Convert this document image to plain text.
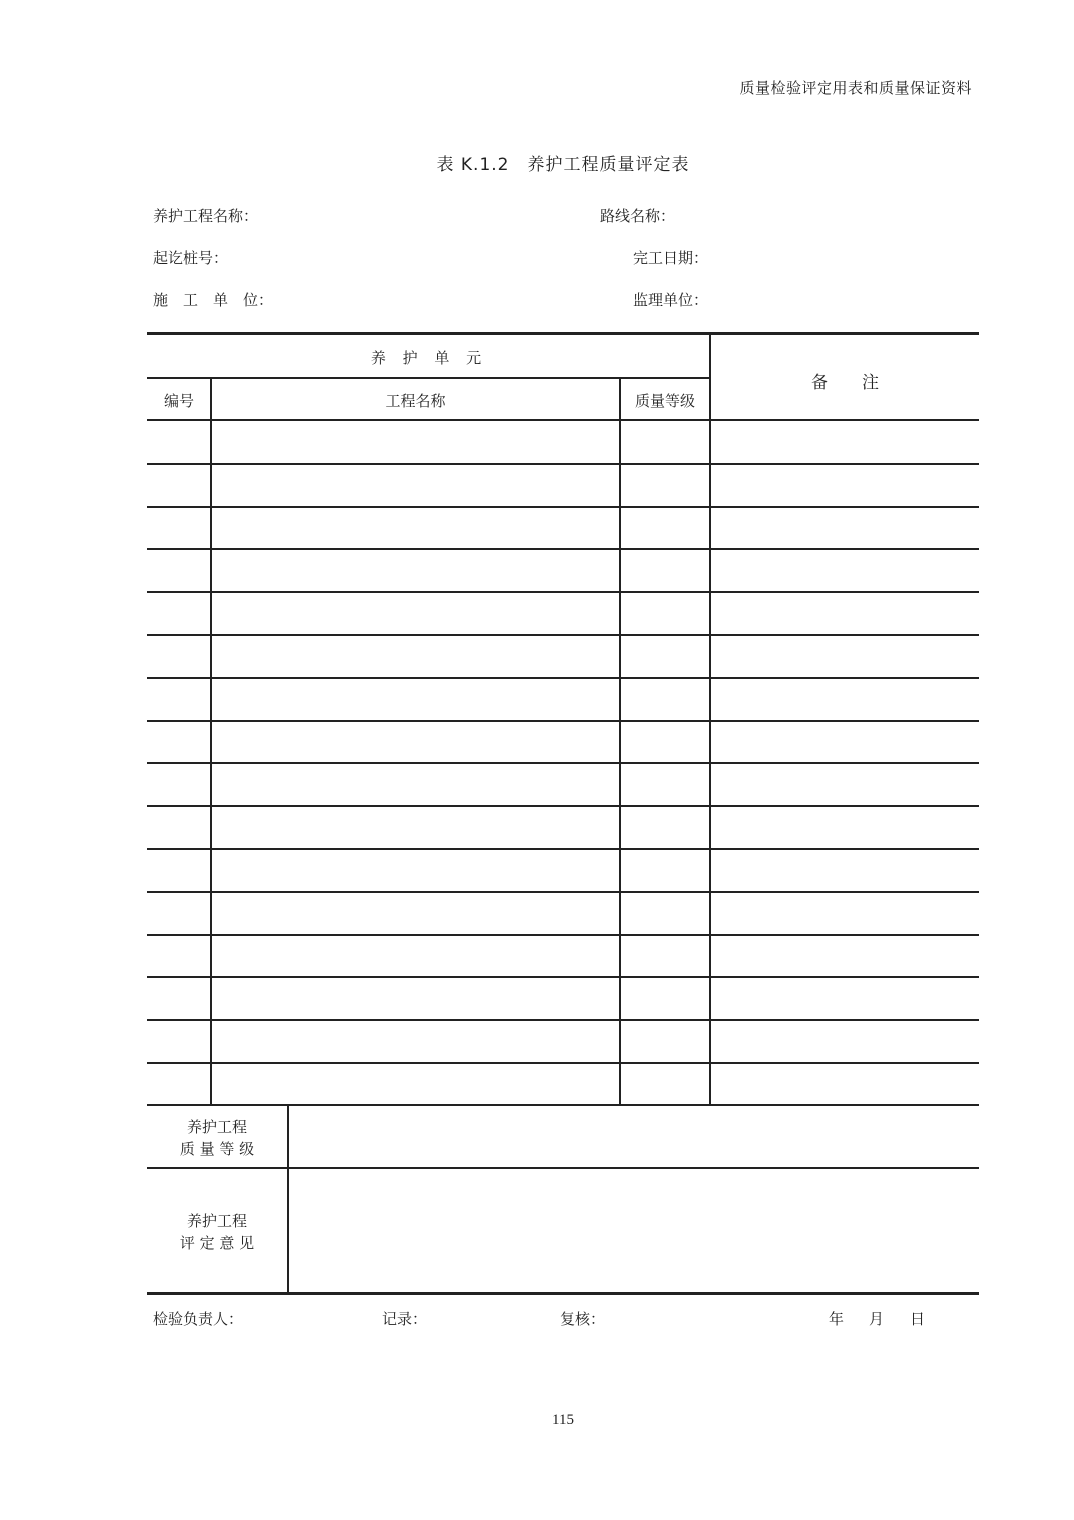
质量检验评定用表和质量保证资料
表 K.1.2　养护工程质量评定表
养护工程名称：	路线名称：
起讫桩号：	完工日期：
施　工　单　位：	监理单位：
养 护 单 元
备　　注
编号	工程名称	质量等级
养护工程
质 量 等 级
养护工程
评 定 意 见
检验负责人：	记录：	复核：	年 月 日
115
